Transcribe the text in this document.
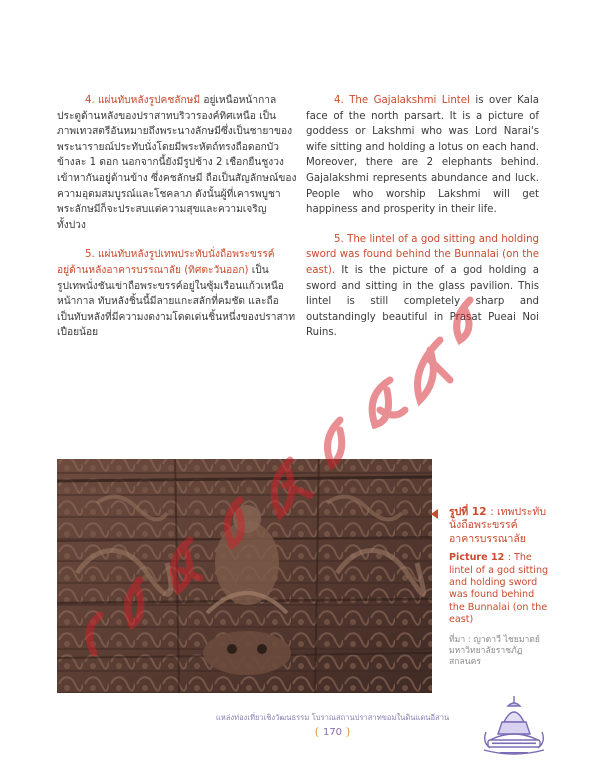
4. แผ่นทับหลังรูปคชลักษมี อยู่เหนือหน้ากาล

ประตูด้านหลังของปราสาทบริวารองค์ทิศเหนือ เป็น
ภาพเทวสตรีอันหมายถึงพระนางลักษมีซึ่งเป็นชายาของ
พระนารายณ์ประทับนั่งโดยมีพระหัตถ์ทรงถือดอกบัว
ข้างละ 1 ดอก นอกจากนี้ยังมีรูปช้าง 2 เชือกยืนชูงวง
เข้าหากันอยู่ด้านข้าง ซึ่งคชลักษมี ถือเป็นสัญลักษณ์ของ
ความอุดมสมบูรณ์และโชคลาภ ดังนั้นผู้ที่เคารพบูชา
พระลักษมีก็จะประสบแต่ความสุขและความเจริญ
ทั้งปวง
5. แผ่นทับหลังรูปเทพประทับนั่งถือพระขรรค์
อยู่ด้านหลังอาคารบรรณาลัย (ทิศตะวันออก) เป็น
รูปเทพนั่งชันเข่าถือพระขรรค์อยู่ในซุ้มเรือนแก้วเหนือ
หน้ากาล ทับหลังชิ้นนี้มีลายแกะสลักที่คมชัด และถือ
เป็นทับหลังที่มีความงดงามโดดเด่นชิ้นหนึ่งของปราสาท
เปือยน้อย

4. The Gajalakshmi Lintel is over Kala face of the north parsart. It is a picture of goddess or Lakshmi who was Lord Narai's wife sitting and holding a lotus on each hand. Moreover, there are 2 elephants behind. Gajalakshmi represents abundance and luck. People who worship Lakshmi will get happiness and prosperity in their life.

5. The lintel of a god sitting and holding sword was found behind the Bunnalai (on the east). It is the picture of a god holding a sword and sitting in the glass pavilion. This lintel is still completely sharp and outstandingly beautiful in Prasat Pueai Noi Ruins.

รูปที่ 12 : เทพประทับนั่งถือพระขรรค์ อาคารบรรณาลัย
Picture 12 : The lintel of a god sitting and holding sword was found behind the Bunnalai (on the east)
ที่มา : ญาดาวี ไชยมาตย์ มหาวิทยาลัยราชภัฏสกลนคร
แหล่งท่องเที่ยวเชิงวัฒนธรรม โบราณสถานปราสาทขอมในดินแดนอีสาน
{ 170 }
